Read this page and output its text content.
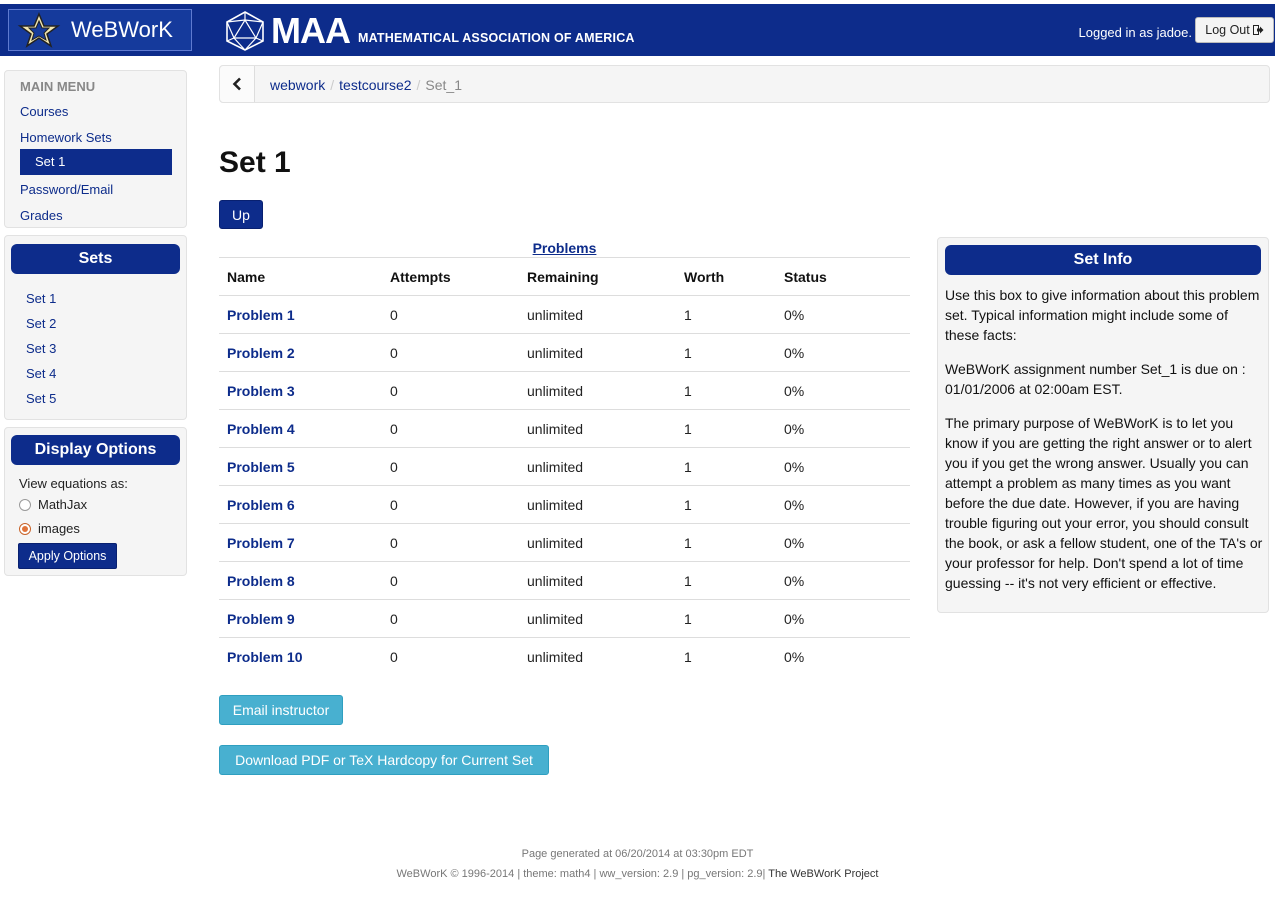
WeBWorK	MAA MATHEMATICAL ASSOCIATION OF AMERICA	Logged in as jadoe. Log Out
MAIN MENU
Courses
Homework Sets
Set 1
Password/Email
Grades
Sets
Set 1
Set 2
Set 3
Set 4
Set 5
Display Options
View equations as:
MathJax
images
Apply Options
webwork / testcourse2 / Set_1
Set 1
Up
Problems
Name	Attempts	Remaining	Worth	Status
Problem 1	0	unlimited	1	0%
Problem 2	0	unlimited	1	0%
Problem 3	0	unlimited	1	0%
Problem 4	0	unlimited	1	0%
Problem 5	0	unlimited	1	0%
Problem 6	0	unlimited	1	0%
Problem 7	0	unlimited	1	0%
Problem 8	0	unlimited	1	0%
Problem 9	0	unlimited	1	0%
Problem 10	0	unlimited	1	0%
Email instructor
Download PDF or TeX Hardcopy for Current Set
Set Info

Use this box to give information about this problem set. Typical information might include some of these facts:

WeBWorK assignment number Set_1 is due on : 01/01/2006 at 02:00am EST.

The primary purpose of WeBWorK is to let you know if you are getting the right answer or to alert you if you get the wrong answer. Usually you can attempt a problem as many times as you want before the due date. However, if you are having trouble figuring out your error, you should consult the book, or ask a fellow student, one of the TA's or your professor for help. Don't spend a lot of time guessing -- it's not very efficient or effective.

Page generated at 06/20/2014 at 03:30pm EDT
WeBWorK © 1996-2014 | theme: math4 | ww_version: 2.9 | pg_version: 2.9| The WeBWorK Project
